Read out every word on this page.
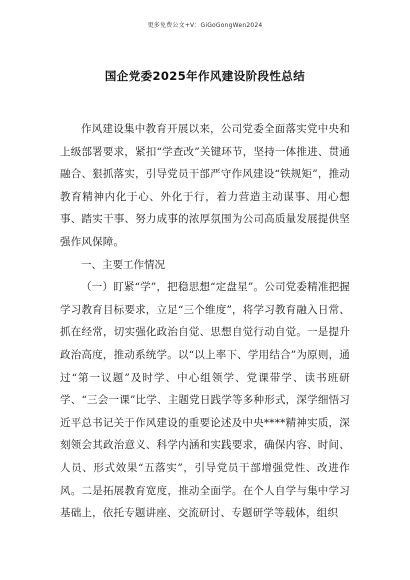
更多免费公文+V：GiGoGongWen2024
国企党委2025年作风建设阶段性总结

作风建设集中教育开展以来，公司党委全面落实党中央和上级部署要求，紧扣“学查改”关键环节，坚持一体推进、贯通融合、狠抓落实，引导党员干部严守作风建设“铁规矩”，推动教育精神内化于心、外化于行，着力营造主动谋事、用心想事、踏实干事、努力成事的浓厚氛围为公司高质量发展提供坚强作风保障。

一、主要工作情况

（一）盯紧“学”，把稳思想“定盘星”。公司党委精准把握学习教育目标要求，立足“三个维度”，将学习教育融入日常、抓在经常，切实强化政治自觉、思想自觉行动自觉。一是提升政治高度，推动系统学。以“以上率下、学用结合”为原则，通过“第一议题”及时学、中心组领学、党课带学、读书班研学、“三会一课”比学、主题党日践学等多种形式，深学细悟习近平总书记关于作风建设的重要论述及中央****精神实质，深刻领会其政治意义、科学内涵和实践要求，确保内容、时间、人员、形式效果“五落实”，引导党员干部增强党性、改进作风。二是拓展教育宽度，推动全面学。在个人自学与集中学习基础上，依托专题讲座、交流研讨、专题研学等载体，组织
